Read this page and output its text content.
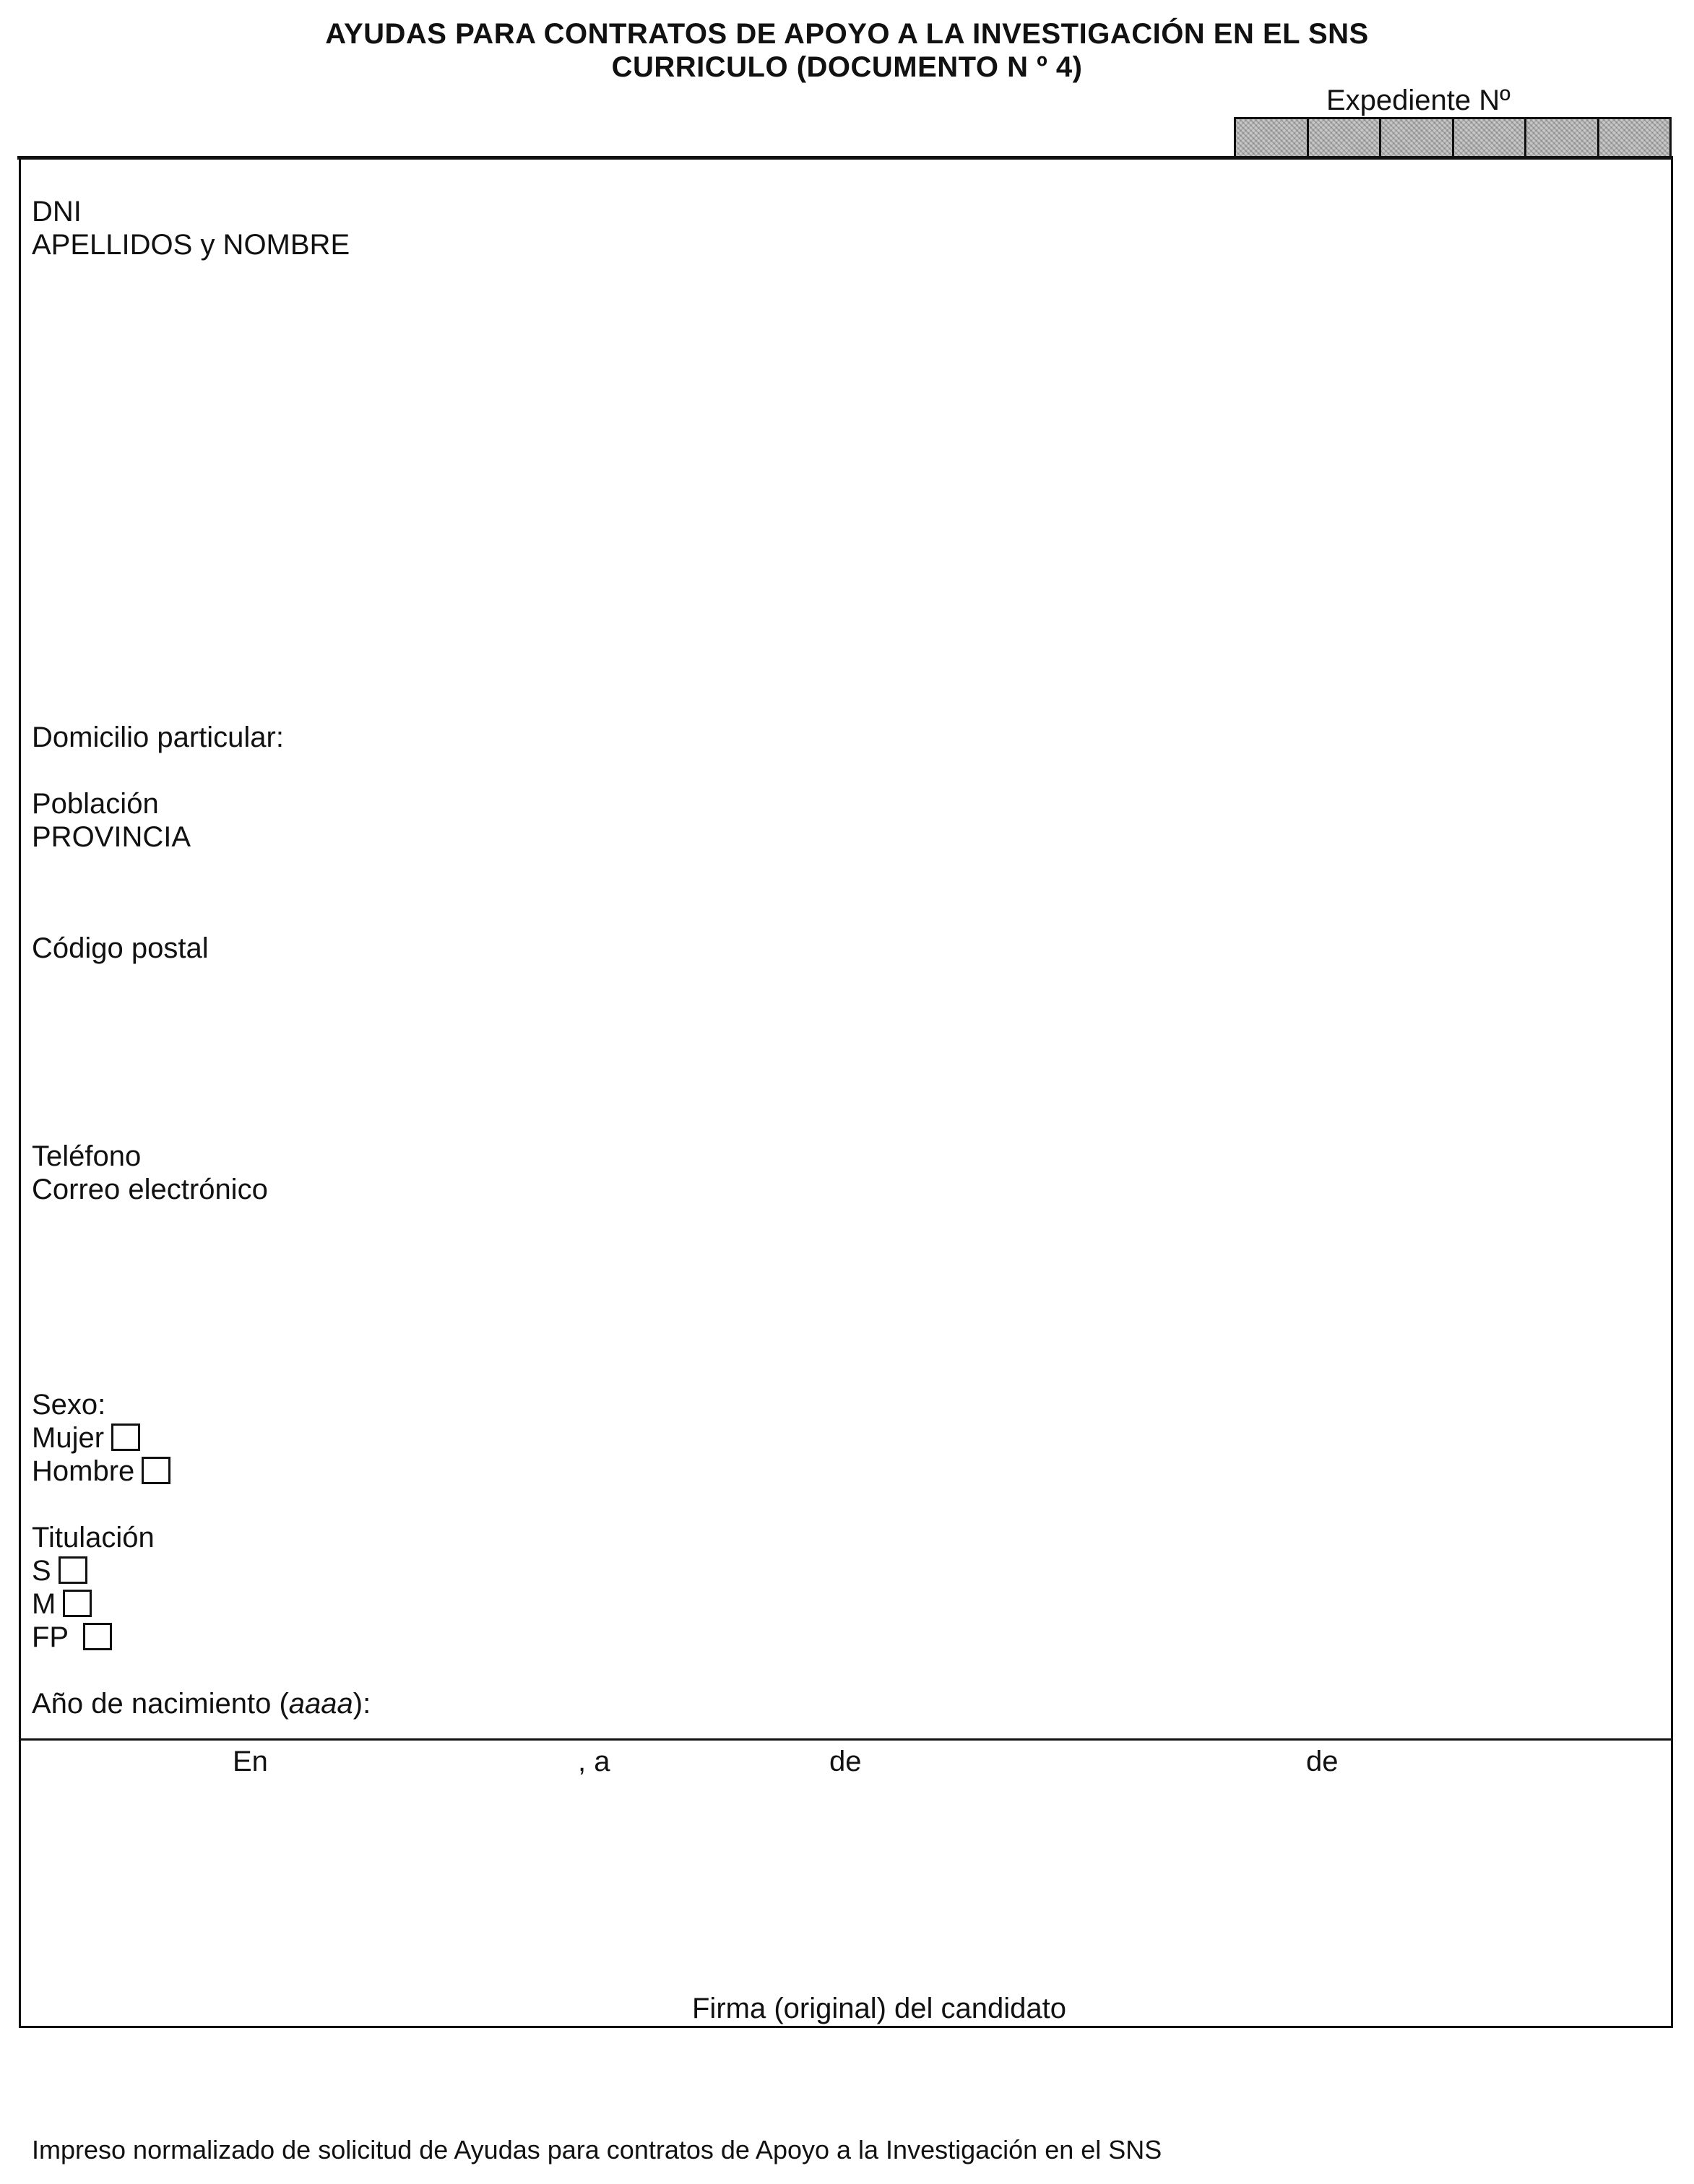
AYUDAS PARA CONTRATOS DE APOYO A LA INVESTIGACIÓN EN EL SNS
CURRICULO (DOCUMENTO N º 4)
Expediente Nº
DNI
APELLIDOS y NOMBRE
Domicilio particular:
Población
PROVINCIA
Código postal
Teléfono
Correo electrónico
Sexo:
Mujer
Hombre
Titulación
S
M
FP
Año de nacimiento (aaaa):
En	, a	de	de
Firma (original) del candidato
Impreso normalizado de solicitud de Ayudas para contratos de Apoyo a la Investigación en el SNS
